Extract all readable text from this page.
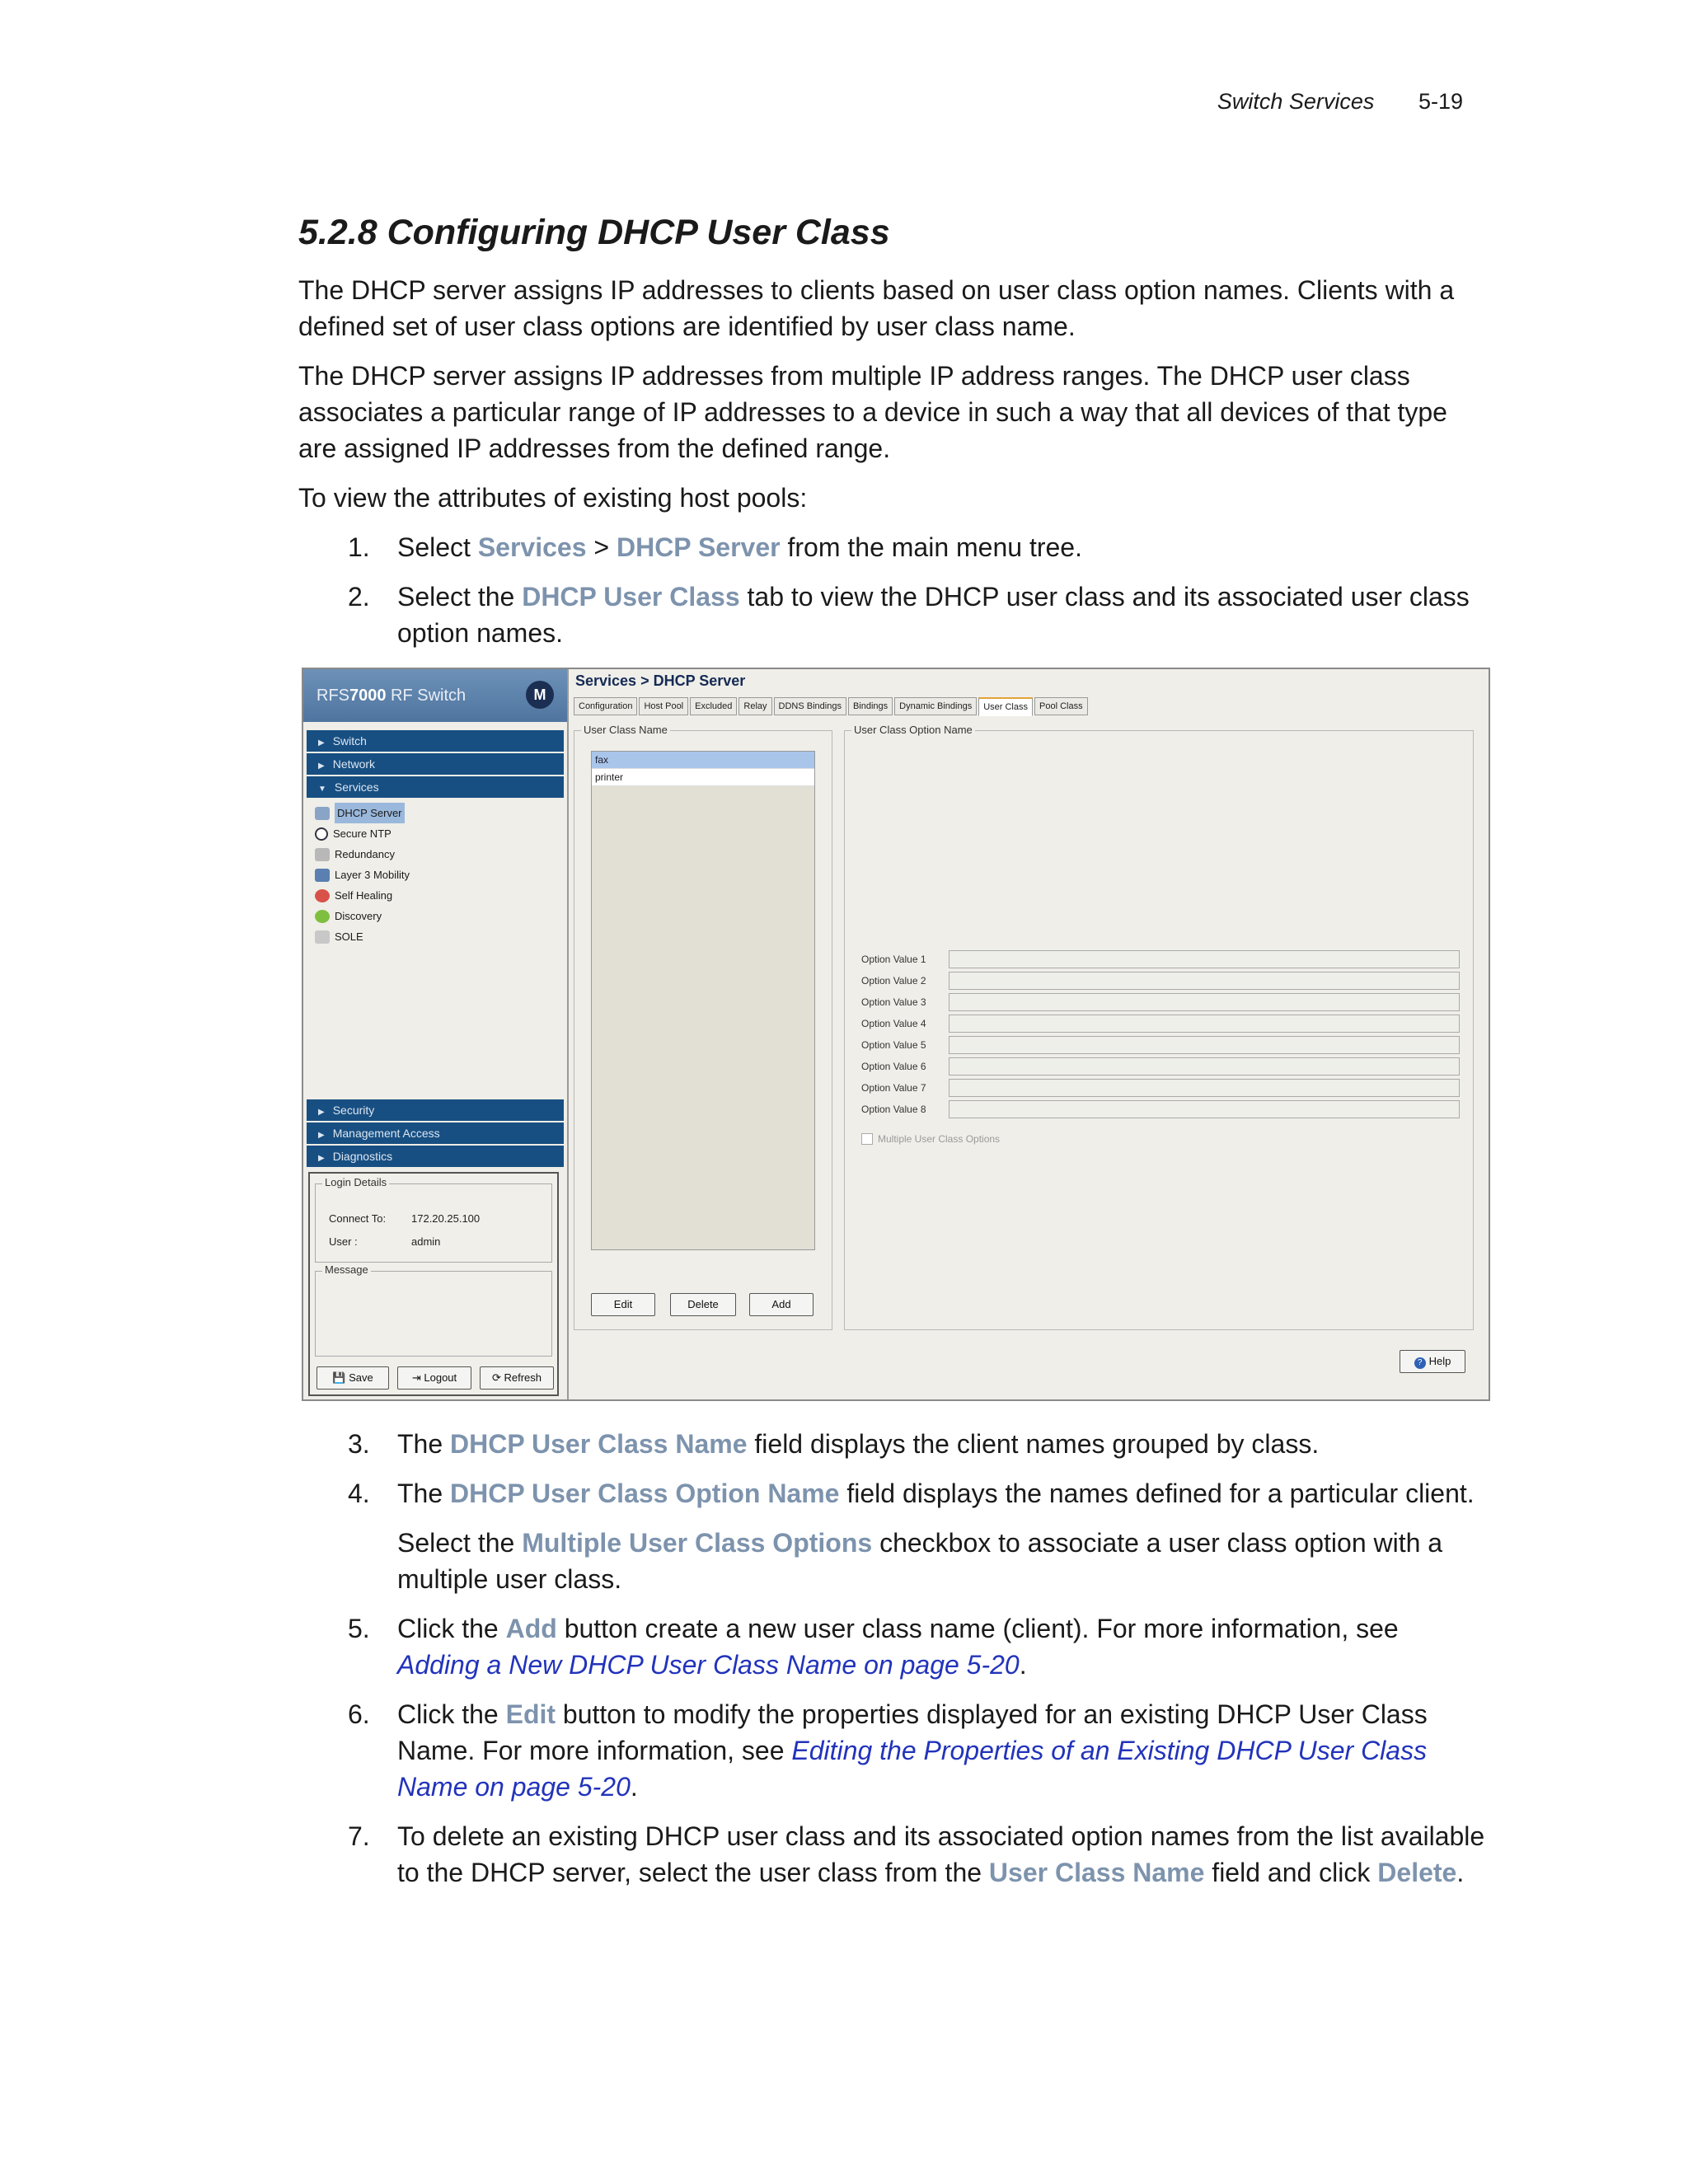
Switch Services 5-19
5.2.8 Configuring DHCP User Class

The DHCP server assigns IP addresses to clients based on user class option names. Clients with a defined set of user class options are identified by user class name.

The DHCP server assigns IP addresses from multiple IP address ranges. The DHCP user class associates a particular range of IP addresses to a device in such a way that all devices of that type are assigned IP addresses from the defined range.

To view the attributes of existing host pools:

1. Select Services > DHCP Server from the main menu tree.
2. Select the DHCP User Class tab to view the DHCP user class and its associated user class option names.
RFS7000 RF Switch	M
▶ Switch
▶ Network
▼ Services
DHCP Server
Secure NTP
Redundancy
Layer 3 Mobility
Self Healing
Discovery
SOLE
▶ Security
▶ Management Access
▶ Diagnostics
Login Details
Connect To: 172.20.25.100
User :	admin
Message
💾 Save	⇥ Logout	⟳ Refresh
Services > DHCP Server
Configuration	Host Pool	Excluded	Relay	DDNS Bindings	Bindings	Dynamic Bindings	User Class	Pool Class
User Class Name
fax
printer
Edit	Delete	Add
User Class Option Name
Option Value 1
Option Value 2
Option Value 3
Option Value 4
Option Value 5
Option Value 6
Option Value 7
Option Value 8
Multiple User Class Options
? Help
3. The DHCP User Class Name field displays the client names grouped by class.
4. The DHCP User Class Option Name field displays the names defined for a particular client.
Select the Multiple User Class Options checkbox to associate a user class option with a multiple user class.
5. Click the Add button create a new user class name (client). For more information, see
Adding a New DHCP User Class Name on page 5-20.
6. Click the Edit button to modify the properties displayed for an existing DHCP User Class Name. For more information, see Editing the Properties of an Existing DHCP User Class Name on page 5-20.
7. To delete an existing DHCP user class and its associated option names from the list available to the DHCP server, select the user class from the User Class Name field and click Delete.
